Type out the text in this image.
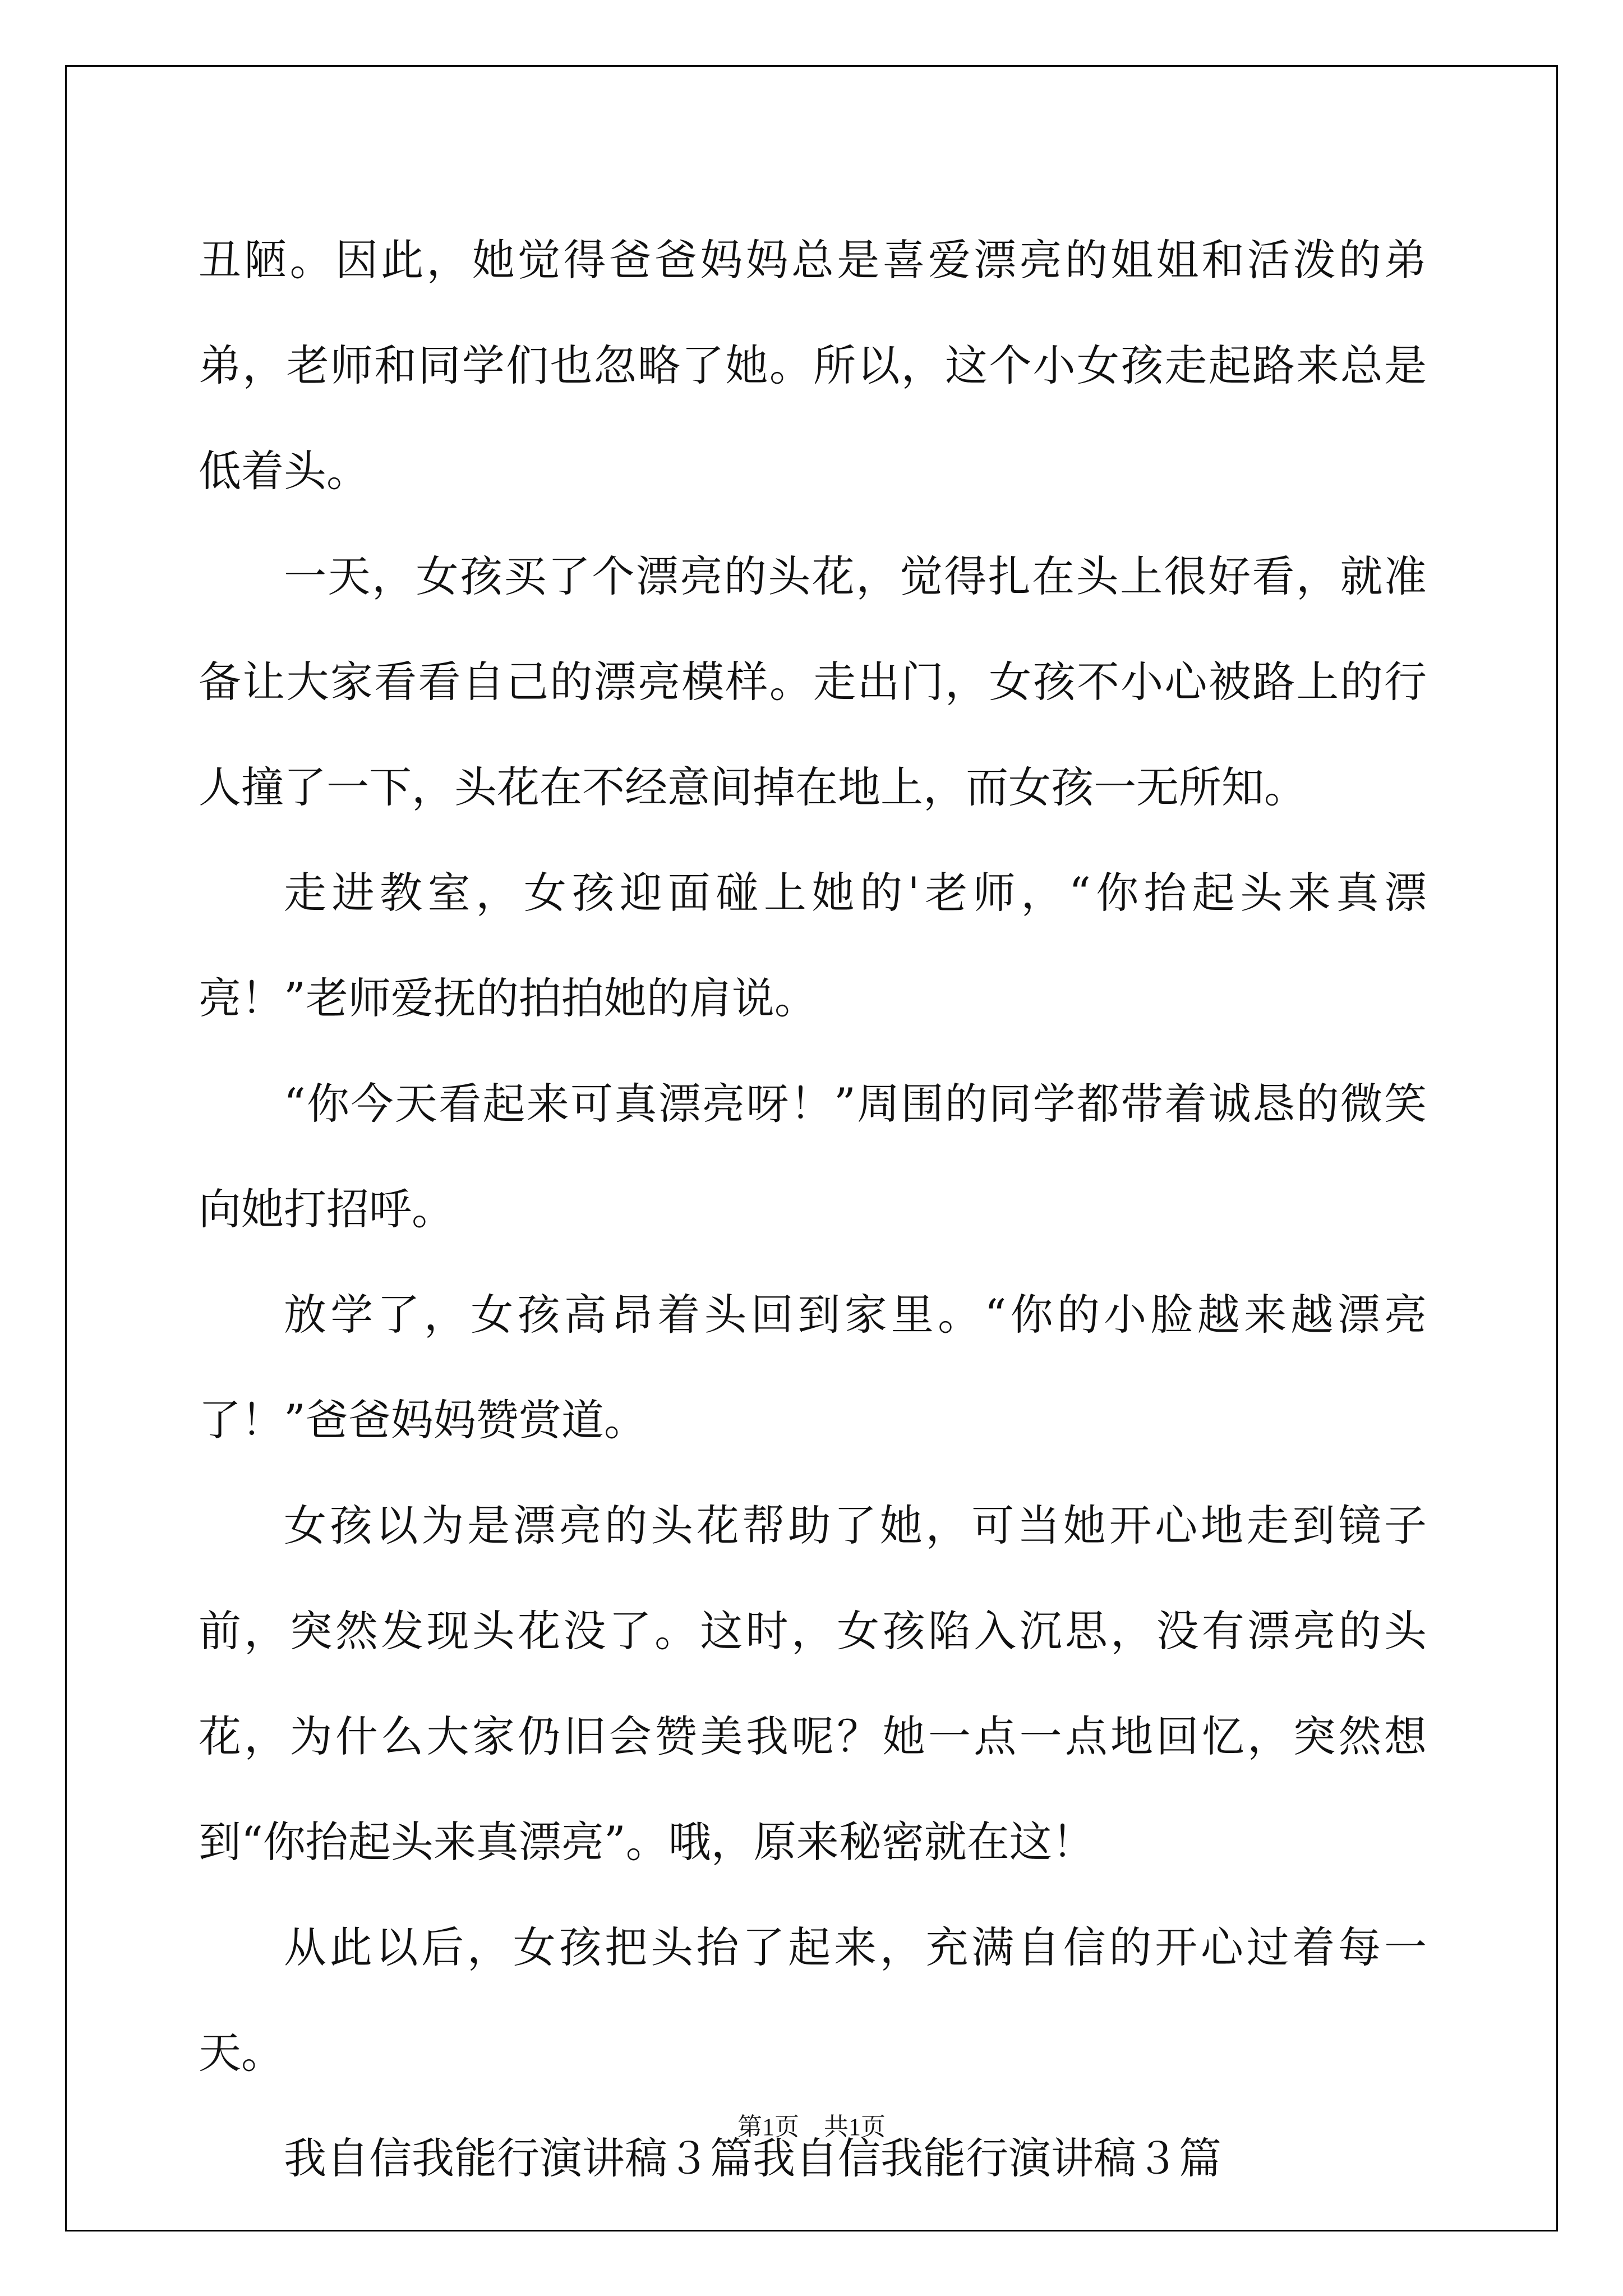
丑陋。因此，她觉得爸爸妈妈总是喜爱漂亮的姐姐和活泼的弟弟，老师和同学们也忽略了她。所以，这个小女孩走起路来总是低着头。

一天，女孩买了个漂亮的头花，觉得扎在头上很好看，就准备让大家看看自己的漂亮模样。走出门，女孩不小心被路上的行人撞了一下，头花在不经意间掉在地上，而女孩一无所知。

走进教室，女孩迎面碰上她的'老师，“你抬起头来真漂亮！”老师爱抚的拍拍她的肩说。

“你今天看起来可真漂亮呀！”周围的同学都带着诚恳的微笑向她打招呼。

放学了，女孩高昂着头回到家里。“你的小脸越来越漂亮了！”爸爸妈妈赞赏道。

女孩以为是漂亮的头花帮助了她，可当她开心地走到镜子前，突然发现头花没了。这时，女孩陷入沉思，没有漂亮的头花，为什么大家仍旧会赞美我呢？她一点一点地回忆，突然想到“你抬起头来真漂亮”。哦，原来秘密就在这！

从此以后，女孩把头抬了起来，充满自信的开心过着每一天。

我自信我能行演讲稿３篇我自信我能行演讲稿３篇

第1页　共1页
